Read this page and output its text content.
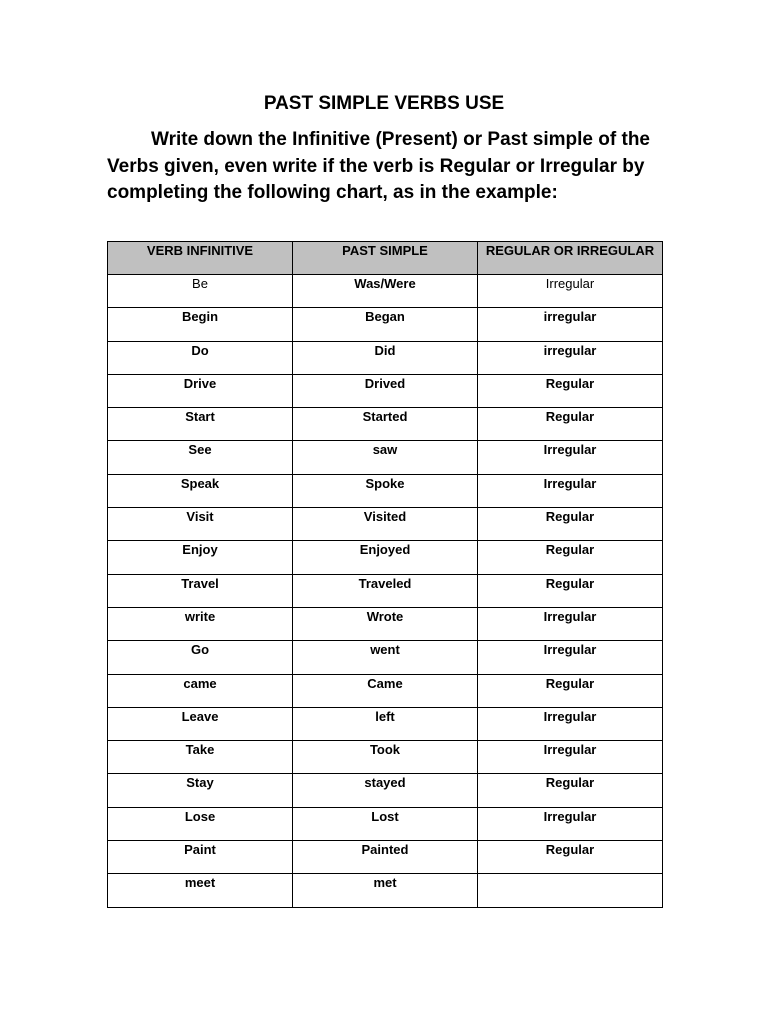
PAST SIMPLE VERBS USE

Write down the Infinitive (Present) or Past simple of the Verbs given, even write if the verb is Regular or Irregular by completing the following chart, as in the example:

VERB INFINITIVE	PAST SIMPLE	REGULAR OR IRREGULAR
Be	Was/Were	Irregular
Begin	Began	irregular
Do	Did	irregular
Drive	Drived	Regular
Start	Started	Regular
See	saw	Irregular
Speak	Spoke	Irregular
Visit	Visited	Regular
Enjoy	Enjoyed	Regular
Travel	Traveled	Regular
write	Wrote	Irregular
Go	went	Irregular
came	Came	Regular
Leave	left	Irregular
Take	Took	Irregular
Stay	stayed	Regular
Lose	Lost	Irregular
Paint	Painted	Regular
meet	met	
